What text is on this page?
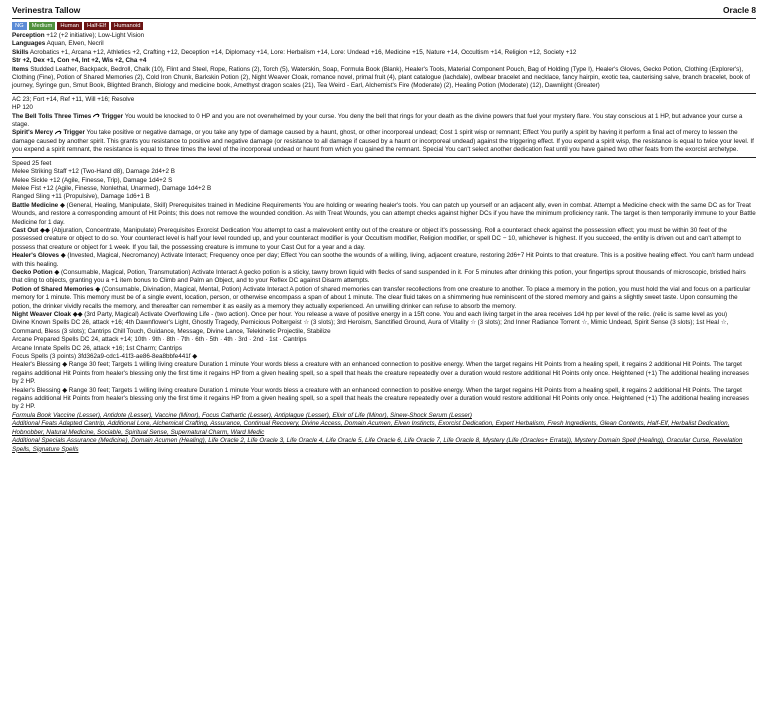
Verinestra Tallow	Oracle 8
NG	Medium	Human	Half-Elf	Humanoid

Perception +12 (+2 initiative); Low-Light Vision

Languages Aquan, Elven, Necril

Skills Acrobatics +1, Arcana +12, Athletics +2, Crafting +12, Deception +14, Diplomacy +14, Lore: Herbalism +14, Lore: Undead +16, Medicine +15, Nature +14, Occultism +14, Religion +12, Society +12

Str +2, Dex +1, Con +4, Int +2, Wis +2, Cha +4

Items Studded Leather, Backpack, Bedroll, Chalk (10), Flint and Steel, Rope, Rations (2), Torch (5), Waterskin, Soap, Formula Book (Blank), Healer's Tools, Material Component Pouch, Bag of Holding (Type I), Healer's Gloves, Gecko Potion, Clothing (Explorer's), Clothing (Fine), Potion of Shared Memories (2), Cold Iron Chunk, Barkskin Potion (2), Night Weaver Cloak, romance novel, primal fruit (4), plant catalogue (lachdale), owlbear bracelet and necklace, fancy hairpin, exotic tea, cauterising salve, branch bracelet, book of journey, Syringe gun, Smut Book, Blighted Branch, Biology and medicine book, Amethyst dragon scales (21), Tea Weird - Earl, Alchemist's Fire (Moderate) (2), Healing Potion (Moderate) (12), Dawnlight (Greater)

AC 23; Fort +14, Ref +11, Will +16; Resolve

HP 120

The Bell Tolls Three Times Trigger You would be knocked to 0 HP and you are not overwhelmed by your curse. You deny the bell that rings for your death as the divine powers that fuel your mystery flare. You stay conscious at 1 HP, but advance your curse a stage.

Spirit's Mercy Trigger You take positive or negative damage, or you take any type of damage caused by a haunt, ghost, or other incorporeal undead; Cost 1 spirit wisp or remnant; Effect You purify a spirit by having it perform a final act of mercy to lessen the damage caused by another spirit. This grants you resistance to positive and negative damage (or resistance to all damage if caused by a haunt or incorporeal undead) against the triggering effect. If you expend a spirit wisp, the resistance is equal to twice your level. If you expend a spirit remnant, the resistance is equal to three times the level of the incorporeal undead or haunt from which you gained the remnant. Special You can't select another dedication feat until you have gained two other feats from the exorcist archetype.

Speed 25 feet

Melee Striking Staff +12 (Two-Hand d8), Damage 2d4+2 B

Melee Sickle +12 (Agile, Finesse, Trip), Damage 1d4+2 S

Melee Fist +12 (Agile, Finesse, Nonlethal, Unarmed), Damage 1d4+2 B

Ranged Sling +11 (Propulsive), Damage 1d6+1 B

Battle Medicine ◆ (General, Healing, Manipulate, Skill) Prerequisites trained in Medicine Requirements You are holding or wearing healer's tools. You can patch up yourself or an adjacent ally, even in combat. Attempt a Medicine check with the same DC as for Treat Wounds, and restore a corresponding amount of Hit Points; this does not remove the wounded condition. As with Treat Wounds, you can attempt checks against higher DCs if you have the minimum proficiency rank. The target is then temporarily immune to your Battle Medicine for 1 day.

Cast Out ◆◆ (Abjuration, Concentrate, Manipulate) Prerequisites Exorcist Dedication You attempt to cast a malevolent entity out of the creature or object it's possessing. Roll a counteract check against the possession effect; you must be within 30 feet of the possessed creature or object to do so. Your counteract level is half your level rounded up, and your counteract modifier is your Occultism modifier, Religion modifier, or spell DC − 10, whichever is highest. If you succeed, the entity is driven out and can't attempt to possess that creature or object for 1 week. If you fail, the possessing creature is immune to your Cast Out for a year and a day.

Healer's Gloves ◆ (Invested, Magical, Necromancy) Activate Interact; Frequency once per day; Effect You can soothe the wounds of a willing, living, adjacent creature, restoring 2d6+7 Hit Points to that creature. This is a positive healing effect. You can't harm undead with this healing.

Gecko Potion ◆ (Consumable, Magical, Potion, Transmutation) Activate Interact A gecko potion is a sticky, tawny brown liquid with flecks of sand suspended in it. For 5 minutes after drinking this potion, your fingertips sprout thousands of microscopic, bristled hairs that cling to objects, granting you a +1 item bonus to Climb and Palm an Object, and to your Reflex DC against Disarm attempts.

Potion of Shared Memories ◆ (Consumable, Divination, Magical, Mental, Potion) Activate Interact A potion of shared memories can transfer recollections from one creature to another. To place a memory in the potion, you must hold the vial and focus on a particular memory for 1 minute. This memory must be of a single event, location, person, or otherwise encompass a span of about 1 minute. The clear fluid takes on a shimmering hue reminiscent of the stored memory and gains a slightly sweet taste. Upon consuming the potion, the drinker vividly recalls the memory, and thereafter can remember it as easily as a memory they actually experienced. An unwilling drinker can refuse to absorb the memory.

Night Weaver Cloak ◆◆ (3rd Party, Magical) Activate Overflowing Life - (two action). Once per hour. You release a wave of positive energy in a 15ft cone. You and each living target in the area receives 1d4 hp per level of the relic. (relic is same level as you)

Divine Known Spells DC 26, attack +16; 4th Dawnflower's Light, Ghostly Tragedy, Pernicious Poltergeist ☆ (3 slots); 3rd Heroism, Sanctified Ground, Aura of Vitality ☆ (3 slots); 2nd Inner Radiance Torrent ☆, Mimic Undead, Spirit Sense (3 slots); 1st Heal ☆, Command, Bless (3 slots); Cantrips Chill Touch, Guidance, Message, Divine Lance, Telekinetic Projectile, Stabilize

Arcane Prepared Spells DC 24, attack +14; 10th · 9th · 8th · 7th · 6th · 5th · 4th · 3rd · 2nd · 1st · Cantrips

Arcane Innate Spells DC 26, attack +16; 1st Charm; Cantrips

Focus Spells (3 points) 3fd362a9-cdc1-41f3-ae86-8ea8bbfe441f ◆

Healer's Blessing ◆ Range 30 feet; Targets 1 willing living creature Duration 1 minute Your words bless a creature with an enhanced connection to positive energy. When the target regains Hit Points from a healing spell, it regains 2 additional Hit Points. The target regains additional Hit Points from healer's blessing only the first time it regains HP from a given healing spell, so a spell that heals the creature repeatedly over a duration would restore additional Hit Points only once. Heightened (+1) The additional healing increases by 2 HP.

Healer's Blessing ◆ Range 30 feet; Targets 1 willing living creature Duration 1 minute Your words bless a creature with an enhanced connection to positive energy. When the target regains Hit Points from a healing spell, it regains 2 additional Hit Points. The target regains additional Hit Points from healer's blessing only the first time it regains HP from a given healing spell, so a spell that heals the creature repeatedly over a duration would restore additional Hit Points only once. Heightened (+1) The additional healing increases by 2 HP.

Formula Book Vaccine (Lesser), Antidote (Lesser), Vaccine (Minor), Focus Cathartic (Lesser), Antiplague (Lesser), Elixir of Life (Minor), Sinew-Shock Serum (Lesser)

Additional Feats Adapted Cantrip, Additional Lore, Alchemical Crafting, Assurance, Continual Recovery, Divine Access, Domain Acumen, Elven Instincts, Exorcist Dedication, Expert Herbalism, Fresh Ingredients, Glean Contents, Half-Elf, Herbalist Dedication, Hobnobber, Natural Medicine, Sociable, Spiritual Sense, Supernatural Charm, Ward Medic

Additional Specials Assurance (Medicine), Domain Acumen (Healing), Life Oracle 2, Life Oracle 3, Life Oracle 4, Life Oracle 5, Life Oracle 6, Life Oracle 7, Life Oracle 8, Mystery (Life (Oracles+ Errata)), Mystery Domain Spell (Healing), Oracular Curse, Revelation Spells, Signature Spells
